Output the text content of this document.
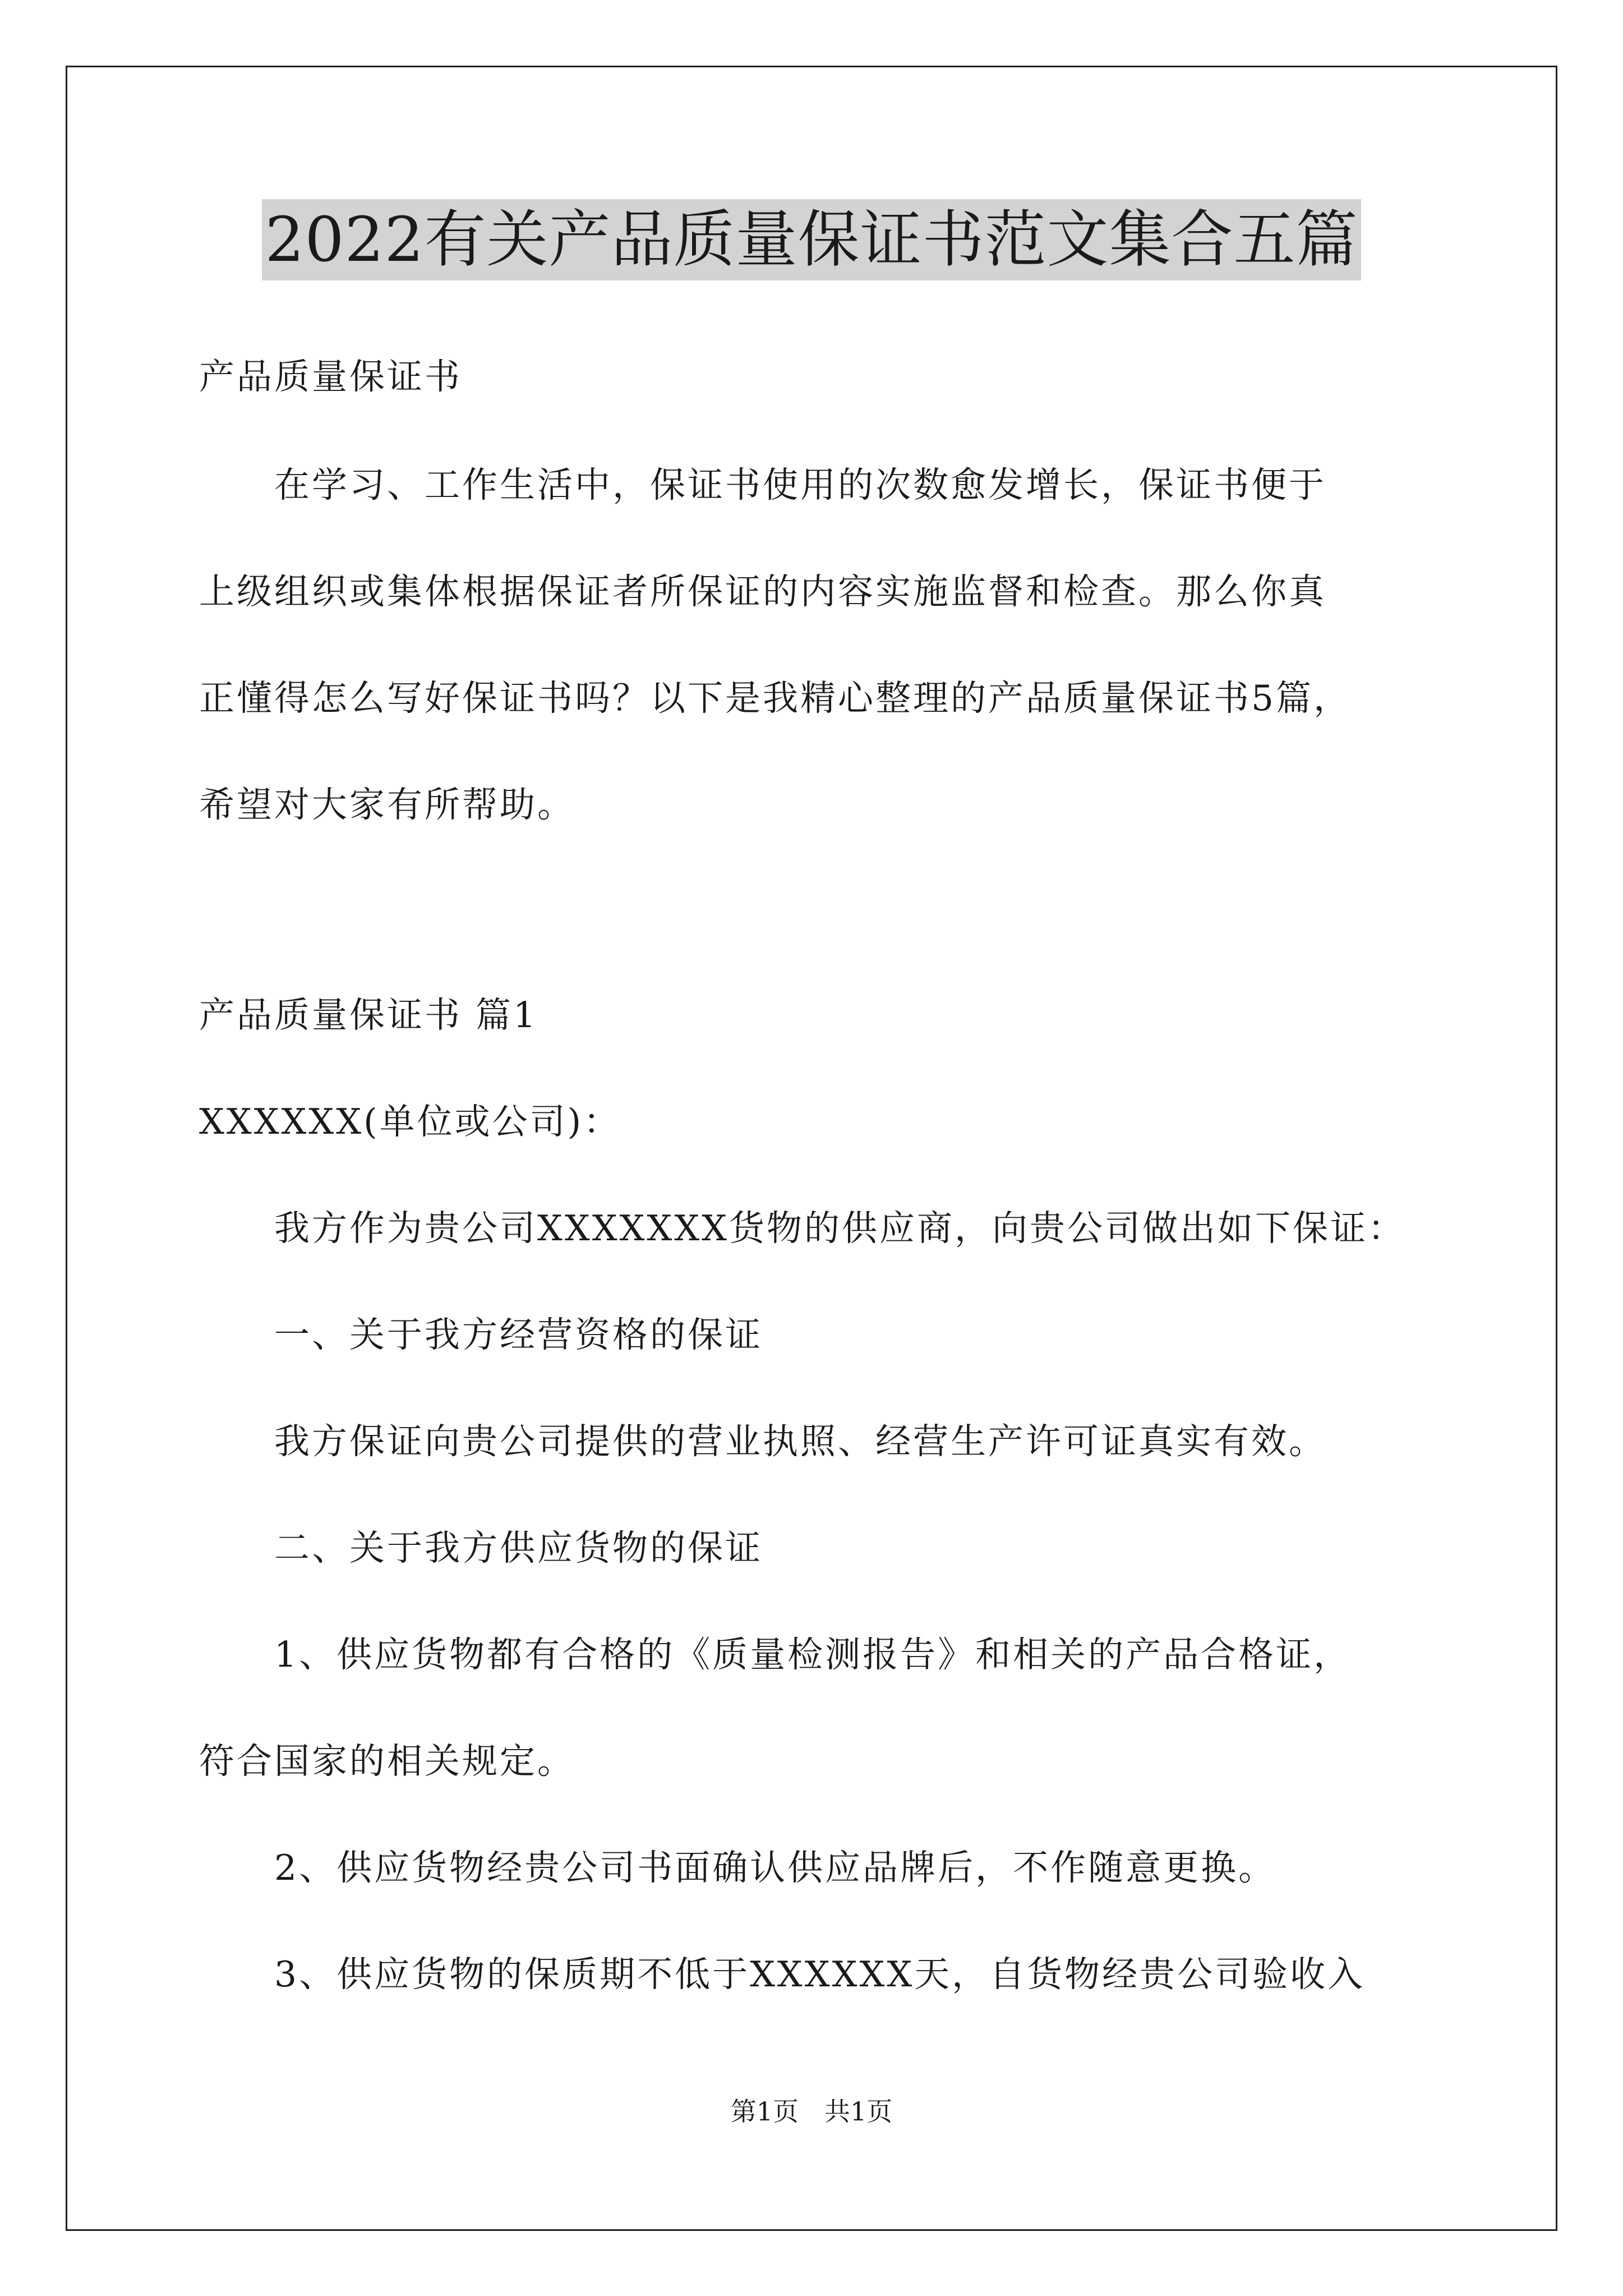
2022有关产品质量保证书范文集合五篇
产品质量保证书
　　在学习、工作生活中，保证书使用的次数愈发增长，保证书便于
上级组织或集体根据保证者所保证的内容实施监督和检查。那么你真
正懂得怎么写好保证书吗？以下是我精心整理的产品质量保证书5篇，
希望对大家有所帮助。
产品质量保证书 篇1
XXXXXX(单位或公司)：
　　我方作为贵公司XXXXXXX货物的供应商，向贵公司做出如下保证：
　　一、关于我方经营资格的保证
　　我方保证向贵公司提供的营业执照、经营生产许可证真实有效。
　　二、关于我方供应货物的保证
　　1、供应货物都有合格的《质量检测报告》和相关的产品合格证，
符合国家的相关规定。
　　2、供应货物经贵公司书面确认供应品牌后，不作随意更换。
　　3、供应货物的保质期不低于XXXXXX天，自货物经贵公司验收入
第1页　共1页
